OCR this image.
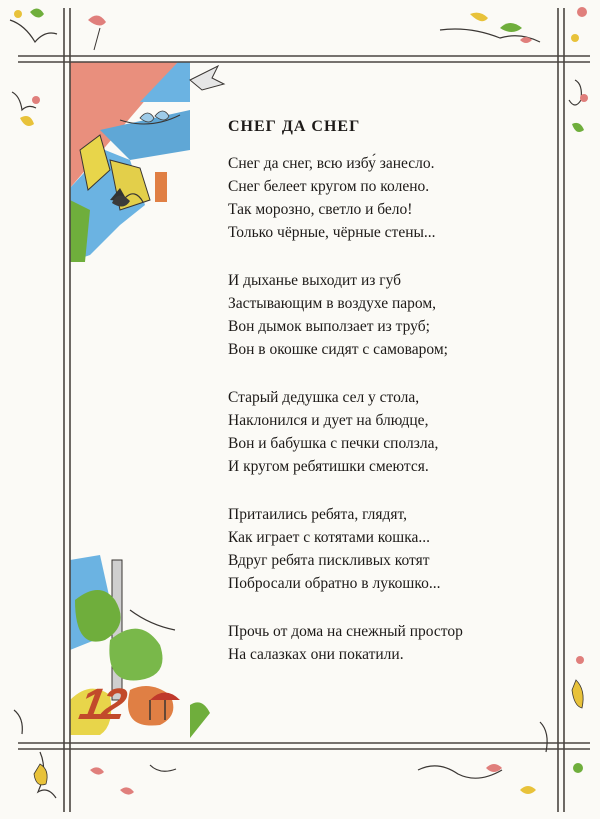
12
СНЕГ ДА СНЕГ
Снег да снег, всю избу́ занесло.
Снег белеет кругом по колено.
Так морозно, светло и бело!
Только чёрные, чёрные стены...
И дыханье выходит из губ
Застывающим в воздухе паром,
Вон дымок выползает из труб;
Вон в окошке сидят с самоваром;
Старый дедушка сел у стола,
Наклонился и дует на блюдце,
Вон и бабушка с печки сползла,
И кругом ребятишки смеются.
Притаились ребята, глядят,
Как играет с котятами кошка...
Вдруг ребята пискливых котят
Побросали обратно в лукошко...
Прочь от дома на снежный простор
На салазках они покатили.
